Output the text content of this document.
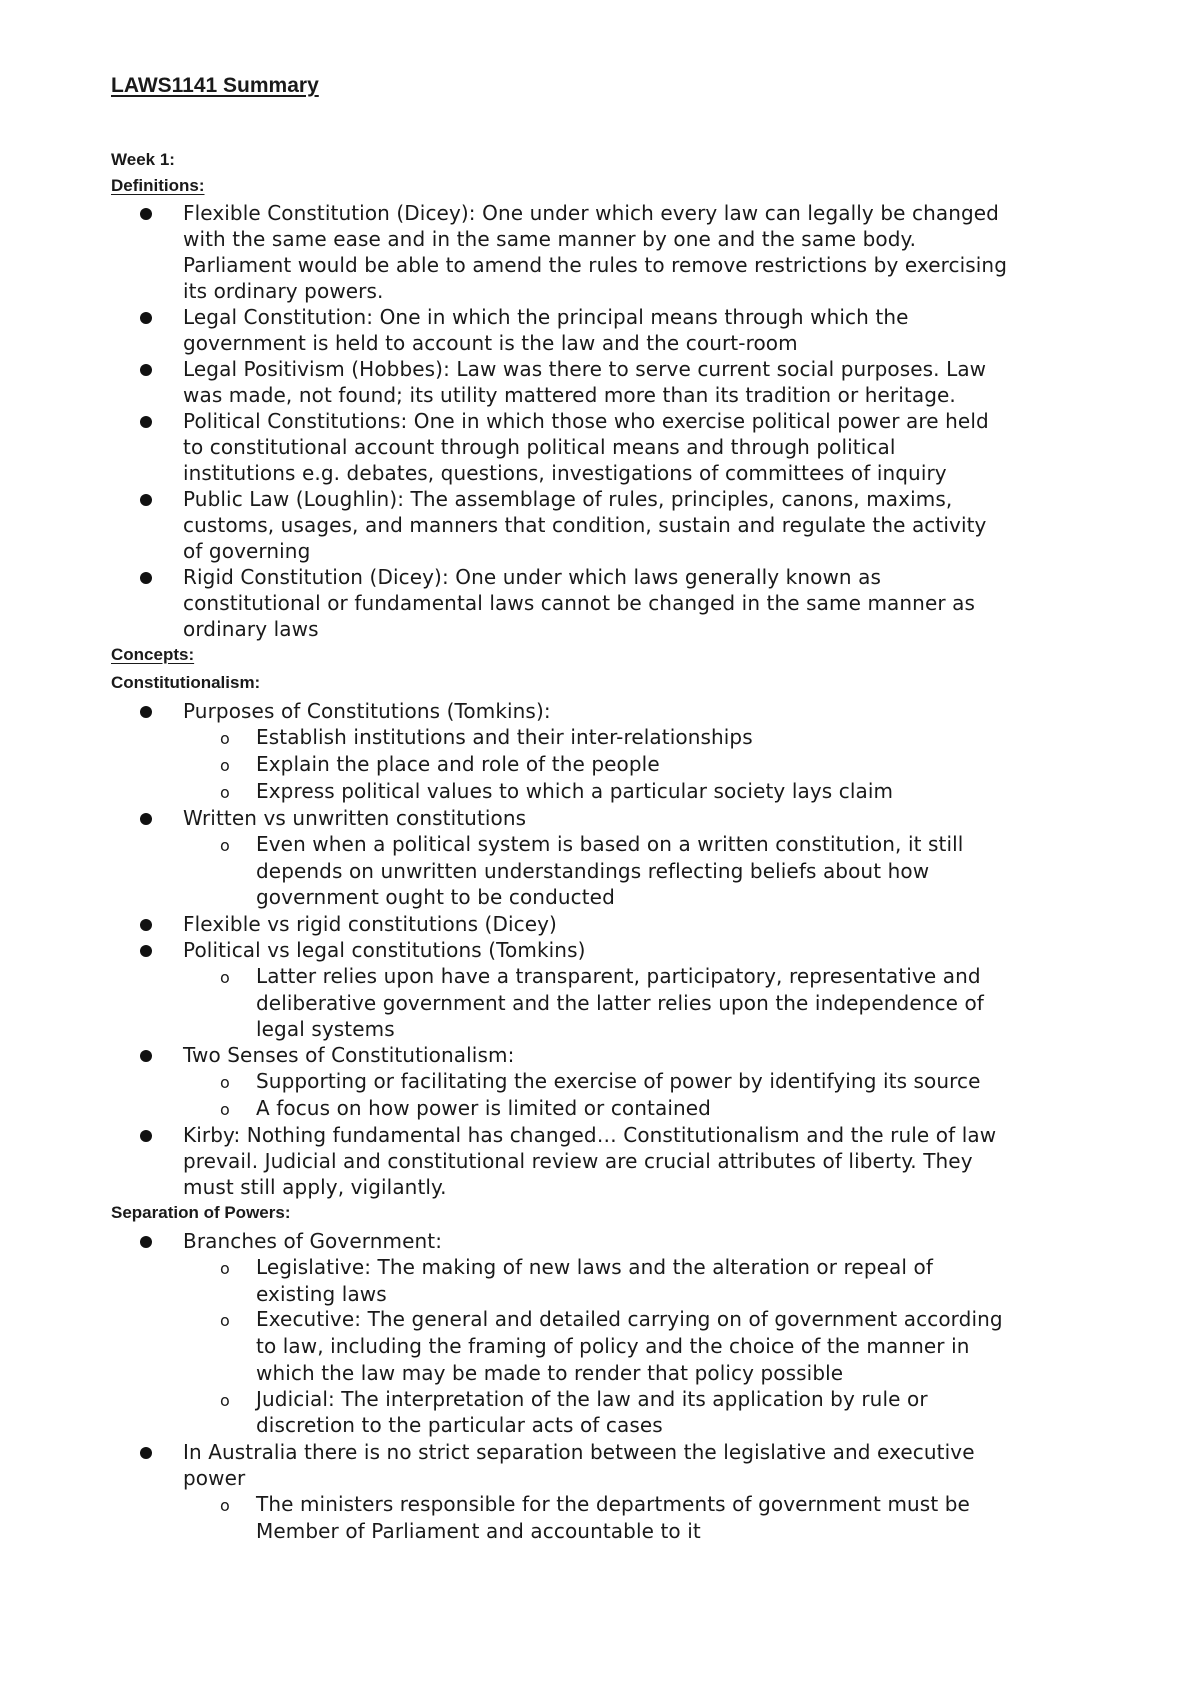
LAWS1141 Summary
Week 1:
Definitions:
Flexible Constitution (Dicey): One under which every law can legally be changed
with the same ease and in the same manner by one and the same body.
Parliament would be able to amend the rules to remove restrictions by exercising
its ordinary powers.
Legal Constitution: One in which the principal means through which the
government is held to account is the law and the court-room
Legal Positivism (Hobbes): Law was there to serve current social purposes. Law
was made, not found; its utility mattered more than its tradition or heritage.
Political Constitutions: One in which those who exercise political power are held
to constitutional account through political means and through political
institutions e.g. debates, questions, investigations of committees of inquiry
Public Law (Loughlin): The assemblage of rules, principles, canons, maxims,
customs, usages, and manners that condition, sustain and regulate the activity
of governing
Rigid Constitution (Dicey): One under which laws generally known as
constitutional or fundamental laws cannot be changed in the same manner as
ordinary laws
Concepts:
Constitutionalism:
Purposes of Constitutions (Tomkins):
o Establish institutions and their inter-relationships
o Explain the place and role of the people
o Express political values to which a particular society lays claim
Written vs unwritten constitutions
o Even when a political system is based on a written constitution, it still
depends on unwritten understandings reflecting beliefs about how
government ought to be conducted
Flexible vs rigid constitutions (Dicey)
Political vs legal constitutions (Tomkins)
o Latter relies upon have a transparent, participatory, representative and
deliberative government and the latter relies upon the independence of
legal systems
Two Senses of Constitutionalism:
o Supporting or facilitating the exercise of power by identifying its source
o A focus on how power is limited or contained
Kirby: Nothing fundamental has changed… Constitutionalism and the rule of law
prevail. Judicial and constitutional review are crucial attributes of liberty. They
must still apply, vigilantly.
Separation of Powers:
Branches of Government:
o Legislative: The making of new laws and the alteration or repeal of
existing laws
o Executive: The general and detailed carrying on of government according
to law, including the framing of policy and the choice of the manner in
which the law may be made to render that policy possible
o Judicial: The interpretation of the law and its application by rule or
discretion to the particular acts of cases
In Australia there is no strict separation between the legislative and executive
power
o The ministers responsible for the departments of government must be
Member of Parliament and accountable to it
